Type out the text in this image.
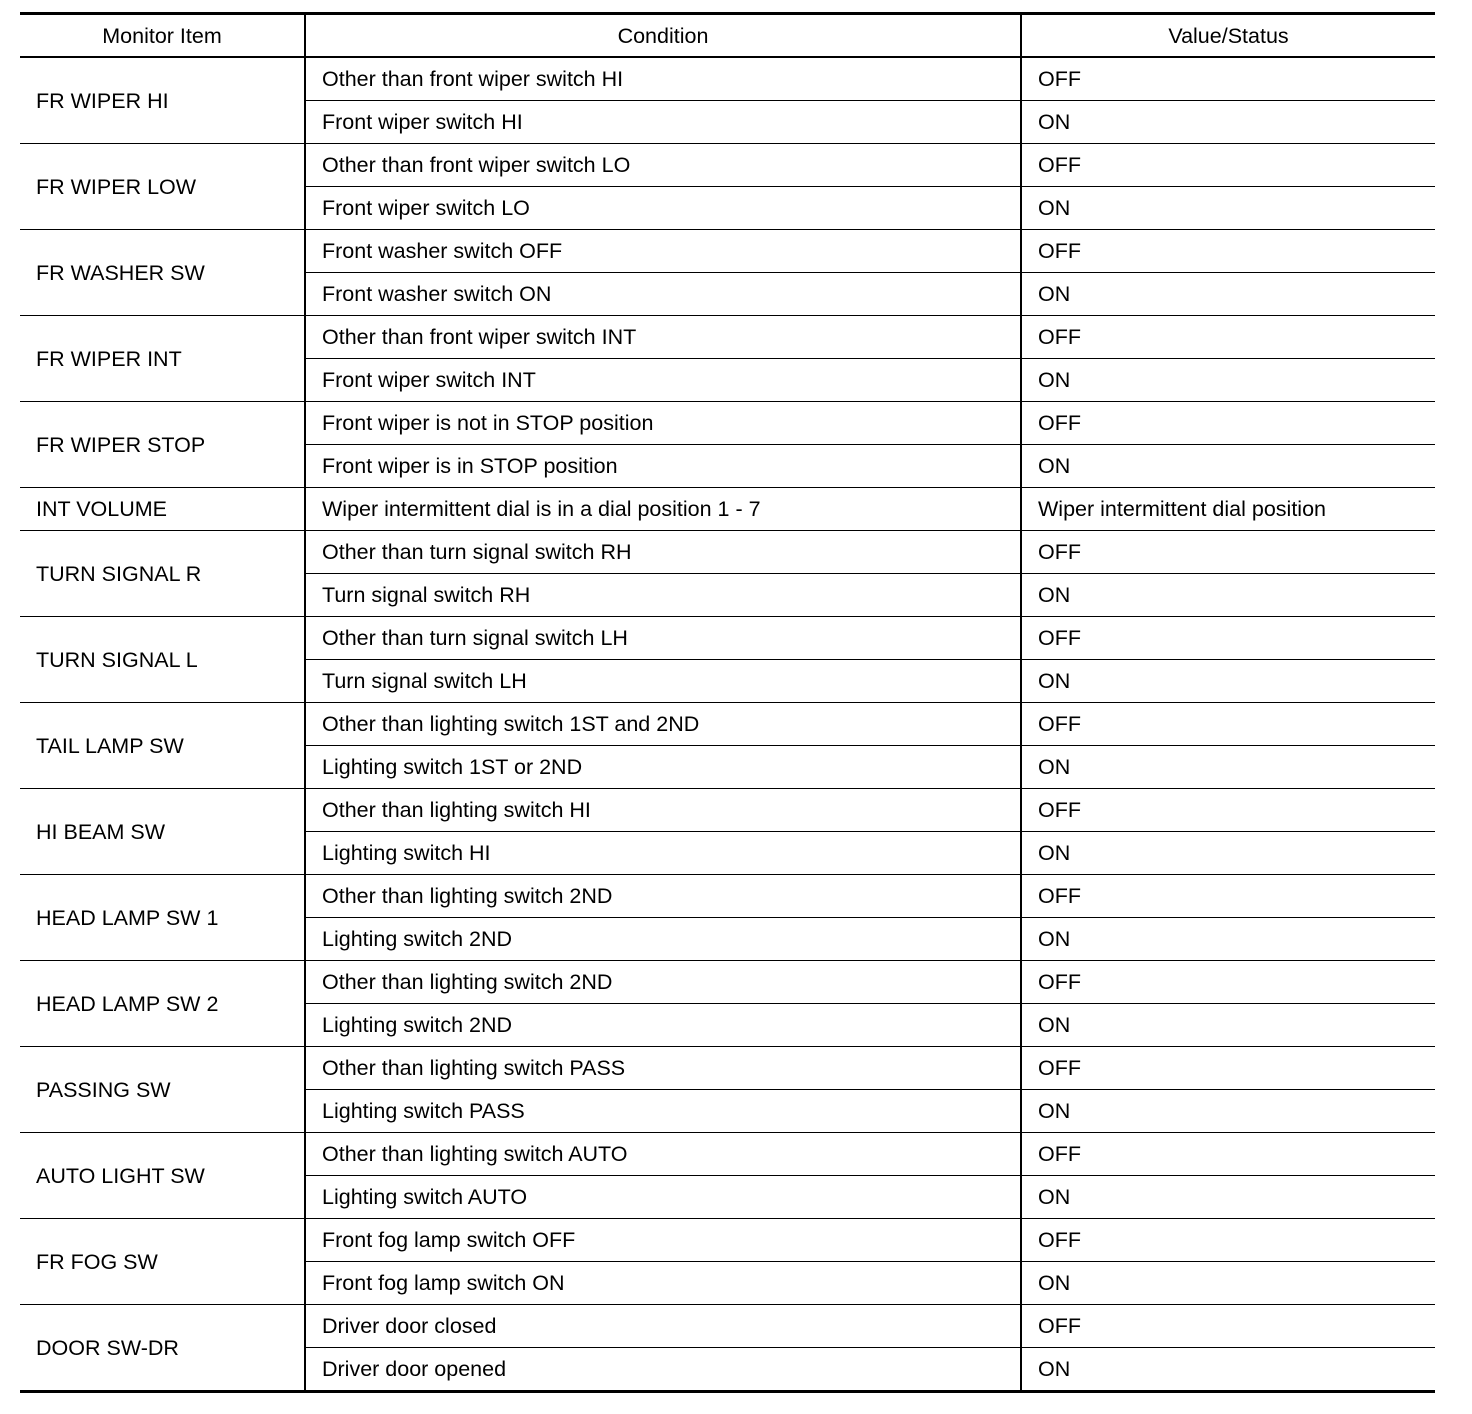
Monitor Item	Condition	Value/Status
FR WIPER HI	Other than front wiper switch HI	OFF
	Front wiper switch HI	ON
FR WIPER LOW	Other than front wiper switch LO	OFF
	Front wiper switch LO	ON
FR WASHER SW	Front washer switch OFF	OFF
	Front washer switch ON	ON
FR WIPER INT	Other than front wiper switch INT	OFF
	Front wiper switch INT	ON
FR WIPER STOP	Front wiper is not in STOP position	OFF
	Front wiper is in STOP position	ON
INT VOLUME	Wiper intermittent dial is in a dial position 1 - 7	Wiper intermittent dial position
TURN SIGNAL R	Other than turn signal switch RH	OFF
	Turn signal switch RH	ON
TURN SIGNAL L	Other than turn signal switch LH	OFF
	Turn signal switch LH	ON
TAIL LAMP SW	Other than lighting switch 1ST and 2ND	OFF
	Lighting switch 1ST or 2ND	ON
HI BEAM SW	Other than lighting switch HI	OFF
	Lighting switch HI	ON
HEAD LAMP SW 1	Other than lighting switch 2ND	OFF
	Lighting switch 2ND	ON
HEAD LAMP SW 2	Other than lighting switch 2ND	OFF
	Lighting switch 2ND	ON
PASSING SW	Other than lighting switch PASS	OFF
	Lighting switch PASS	ON
AUTO LIGHT SW	Other than lighting switch AUTO	OFF
	Lighting switch AUTO	ON
FR FOG SW	Front fog lamp switch OFF	OFF
	Front fog lamp switch ON	ON
DOOR SW-DR	Driver door closed	OFF
	Driver door opened	ON
